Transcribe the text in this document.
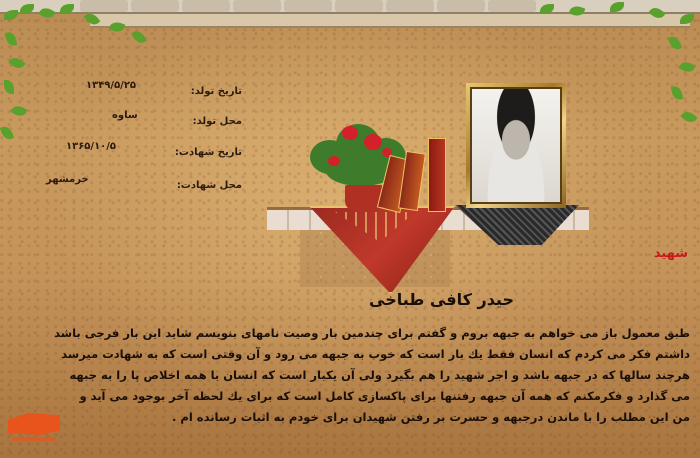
تاریخ تولد:
۱۳۴۹/۵/۲۵
محل تولد:
ساوه
تاریخ شهادت:
۱۳۶۵/۱۰/۵
محل شهادت:
خرمشهر
شهید
حیدر کافی طباخی
طبق معمول باز می خواهم به جبهه بروم و گفتم برای چندمین بار وصیت نامهای بنویسم شاید این بار فرجی باشد
داشتم فکر می کردم که انسان فقط یك بار است که خوب به جبهه می رود و آن وقتی است که به شهادت میرسد
هرچند سالها که در جبهه باشد و اجر شهید را هم بگیرد ولی آن یکبار است که انسان با همه اخلاص پا را به جبهه
می گذارد و فکرمکنم که همه آن جبهه رفتنها برای پاکسازی کامل است که برای یك لحظه آخر بوجود می آید و
من این مطلب را با ماندن درجبهه و حسرت بر رفتن شهیدان برای خودم به اثبات رسانده ام .
